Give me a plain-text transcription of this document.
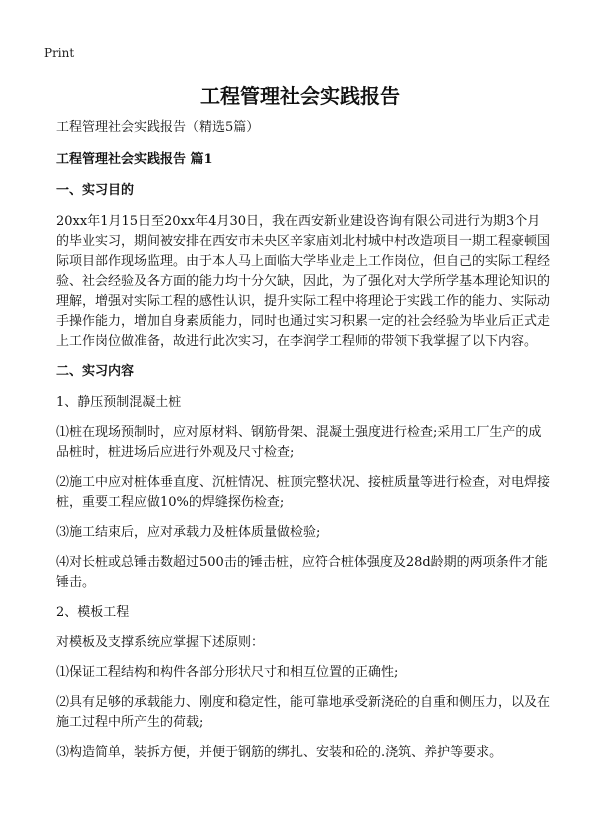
Print
工程管理社会实践报告

工程管理社会实践报告（精选5篇）

工程管理社会实践报告 篇1

一、实习目的

20xx年1月15日至20xx年4月30日，我在西安新业建设咨询有限公司进行为期3个月的毕业实习，期间被安排在西安市未央区辛家庙刘北村城中村改造项目一期工程豪顿国际项目部作现场监理。由于本人马上面临大学毕业走上工作岗位，但自己的实际工程经验、社会经验及各方面的能力均十分欠缺，因此，为了强化对大学所学基本理论知识的理解，增强对实际工程的感性认识，提升实际工程中将理论于实践工作的能力、实际动手操作能力，增加自身素质能力，同时也通过实习积累一定的社会经验为毕业后正式走上工作岗位做准备，故进行此次实习，在李润学工程师的带领下我掌握了以下内容。

二、实习内容

1、静压预制混凝土桩

⑴桩在现场预制时，应对原材料、钢筋骨架、混凝土强度进行检查;采用工厂生产的成品桩时，桩进场后应进行外观及尺寸检查;

⑵施工中应对桩体垂直度、沉桩情况、桩顶完整状况、接桩质量等进行检查，对电焊接桩，重要工程应做10%的焊缝探伤检查;

⑶施工结束后，应对承载力及桩体质量做检验;

⑷对长桩或总锤击数超过500击的锤击桩，应符合桩体强度及28d龄期的两项条件才能锤击。

2、模板工程

对模板及支撑系统应掌握下述原则：

⑴保证工程结构和构件各部分形状尺寸和相互位置的正确性;

⑵具有足够的承载能力、刚度和稳定性，能可靠地承受新浇砼的自重和侧压力，以及在施工过程中所产生的荷载;

⑶构造简单，装拆方便，并便于钢筋的绑扎、安装和砼的.浇筑、养护等要求。
